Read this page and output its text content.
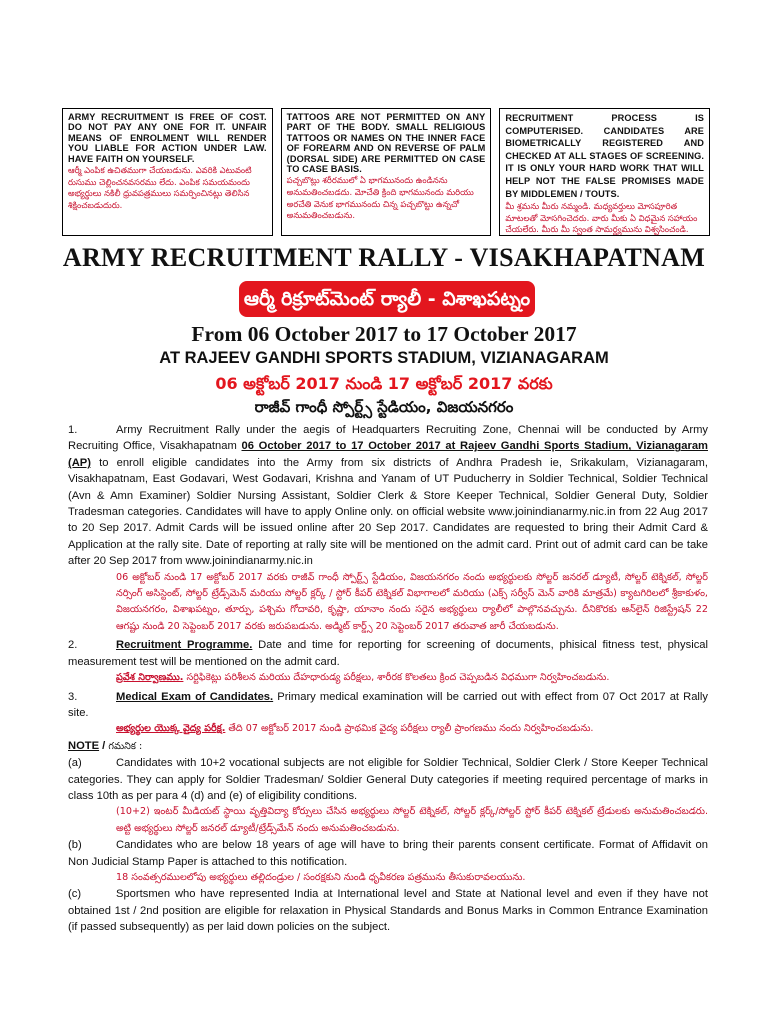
ARMY RECRUITMENT IS FREE OF COST. DO NOT PAY ANY ONE FOR IT. UNFAIR MEANS OF ENROLMENT WILL RENDER YOU LIABLE FOR ACTION UNDER LAW. HAVE FAITH ON YOURSELF.
ఆర్మీ ఎంపిక ఉచితముగా చేయబడును. ఎవరికి ఎటువంటి రుసుము చెల్లించనవసరము లేదు. ఎంపిక సమయమందు అభ్యర్థులు నకిలీ ధ్రువపత్రములు సమర్పించినట్లు తెలిసిన శిక్షించబడుదురు.
TATTOOS ARE NOT PERMITTED ON ANY PART OF THE BODY. SMALL RELIGIOUS TATTOOS OR NAMES ON THE INNER FACE OF FOREARM AND ON REVERSE OF PALM (DORSAL SIDE) ARE PERMITTED ON CASE TO CASE BASIS.
పచ్చబొట్లు శరీరములో ఏ భాగమునందు ఉండినను అనుమతించబడదు. మోచేతి క్రింది భాగమునందు మరియు అరచేతి వెనుక భాగమునందు చిన్న పచ్చబొట్టు ఉన్నచో అనుమతించబడును.
RECRUITMENT PROCESS IS COMPUTERISED. CANDIDATES ARE BIOMETRICALLY REGISTERED AND CHECKED AT ALL STAGES OF SCREENING. IT IS ONLY YOUR HARD WORK THAT WILL HELP NOT THE FALSE PROMISES MADE BY MIDDLEMEN / TOUTS.
మీ శ్రమను మీరు నమ్మండి. మధ్యవర్తులు మోసపూరిత మాటలతో మోసగించెదరు. వారు మీకు ఏ విధమైన సహాయం చేయలేరు. మీరు మీ స్వంత సామర్థ్యమును విశ్వసించండి.
ARMY RECRUITMENT RALLY - VISAKHAPATNAM
ఆర్మీ రిక్రూట్‌మెంట్ ర్యాలీ - విశాఖపట్నం
From 06 October 2017 to 17 October 2017
AT RAJEEV GANDHI SPORTS STADIUM, VIZIANAGARAM
06 అక్టోబర్ 2017 నుండి 17 అక్టోబర్ 2017 వరకు
రాజీవ్ గాంధీ స్పోర్ట్స్ స్టేడియం, విజయనగరం
1.	Army Recruitment Rally under the aegis of Headquarters Recruiting Zone, Chennai will be conducted by Army Recruiting Office, Visakhapatnam 06 October 2017 to 17 October 2017 at Rajeev Gandhi Sports Stadium, Vizianagaram (AP) to enroll eligible candidates into the Army from six districts of Andhra Pradesh ie, Srikakulam, Vizianagaram, Visakhapatnam, East Godavari, West Godavari, Krishna and Yanam of UT Puducherry in Soldier Technical, Soldier Technical (Avn & Amn Examiner) Soldier Nursing Assistant, Soldier Clerk & Store Keeper Technical, Soldier General Duty, Soldier Tradesman categories. Candidates will have to apply Online only. on official website www.joinindianarmy.nic.in from 22 Aug 2017 to 20 Sep 2017. Admit Cards will be issued online after 20 Sep 2017. Candidates are requested to bring their Admit Card & Application at the rally site. Date of reporting at rally site will be mentioned on the admit card. Print out of admit card can be take after 20 Sep 2017 from www.joinindianarmy.nic.in
06 అక్టోబర్ నుండి 17 అక్టోబర్ 2017 వరకు రాజీవ్ గాంధీ స్పోర్ట్స్ స్టేడియం, విజయనగరం నందు అభ్యర్థులకు సోల్జర్ జనరల్ డ్యూటీ, సోల్జర్ టెక్నికల్, సోల్జర్ నర్సింగ్ అసిస్టెంట్, సోల్జర్ ట్రేడ్స్‌మెన్ మరియు సోల్జర్ క్లర్క్ / స్టోర్ కీపర్ టెక్నికల్ విభాగాలలో మరియు (ఎక్స్ సర్వీస్ మెన్ వారికి మాత్రమే) క్యాటగిరిలలో శ్రీకాకుళం, విజయనగరం, విశాఖపట్నం, తూర్పు, పశ్చిమ గోదావరి, కృష్ణా, యానాం నందు సరైన అభ్యర్థులు ర్యాలీలో పాల్గొనవచ్చును. దీనికొరకు ఆన్‌లైన్ రిజిస్ట్రేషన్ 22 ఆగష్టు నుండి 20 సెప్టెంబర్ 2017 వరకు జరుపబడును. అడ్మిట్ కార్డ్స్ 20 సెప్టెంబర్ 2017 తరువాత జారీ చేయబడును.
2.	Recruitment Programme. Date and time for reporting for screening of documents, phisical fitness test, physical measurement test will be mentioned on the admit card.
ప్రవేశ నిర్వాణము. సర్టిఫికెట్లు పరిశీలన మరియు దేహధారుడ్య పరీక్షలు, శారీరక కొలతలు క్రింద చెప్పబడిన విధముగా నిర్వహించబడును.
3.	Medical Exam of Candidates. Primary medical examination will be carried out with effect from 07 Oct 2017 at Rally site.
అభ్యర్థుల యొక్క వైద్య పరీక్ష. తేది 07 అక్టోబర్ 2017 నుండి ప్రాథమిక వైద్య పరీక్షలు ర్యాలీ ప్రాంగణము నందు నిర్వహించబడును.
NOTE / గమనిక :
(a)	Candidates with 10+2 vocational subjects are not eligible for Soldier Technical, Soldier Clerk / Store Keeper Technical categories. They can apply for Soldier Tradesman/ Soldier General Duty categories if meeting required percentage of marks in class 10th as per para 4 (d) and (e) of eligibility conditions.
(10+2) ఇంటర్ మీడియట్ స్థాయి వృత్తివిద్యా కోర్సులు చేసిన అభ్యర్థులు సోల్జర్ టెక్నికల్, సోల్జర్ క్లర్క్/సోల్జర్ స్టోర్ కీపర్ టెక్నికల్ ట్రేడులకు అనుమతించబడరు. అట్టి అభ్యర్థులు సోల్జర్ జనరల్ డ్యూటీ/ట్రేడ్స్‌మేన్ నందు అనుమతించబడును.
(b)	Candidates who are below 18 years of age will have to bring their parents consent certificate. Format of Affidavit on Non Judicial Stamp Paper is attached to this notification.
18 సంవత్సరములలోపు అభ్యర్థులు తల్లిదండ్రుల / సంరక్షకుని నుండి ధృవీకరణ పత్రమును తీసుకురావలయును.
(c)	Sportsmen who have represented India at International level and State at National level and even if they have not obtained 1st / 2nd position are eligible for relaxation in Physical Standards and Bonus Marks in Common Entrance Examination (if passed subsequently) as per laid down policies on the subject.
